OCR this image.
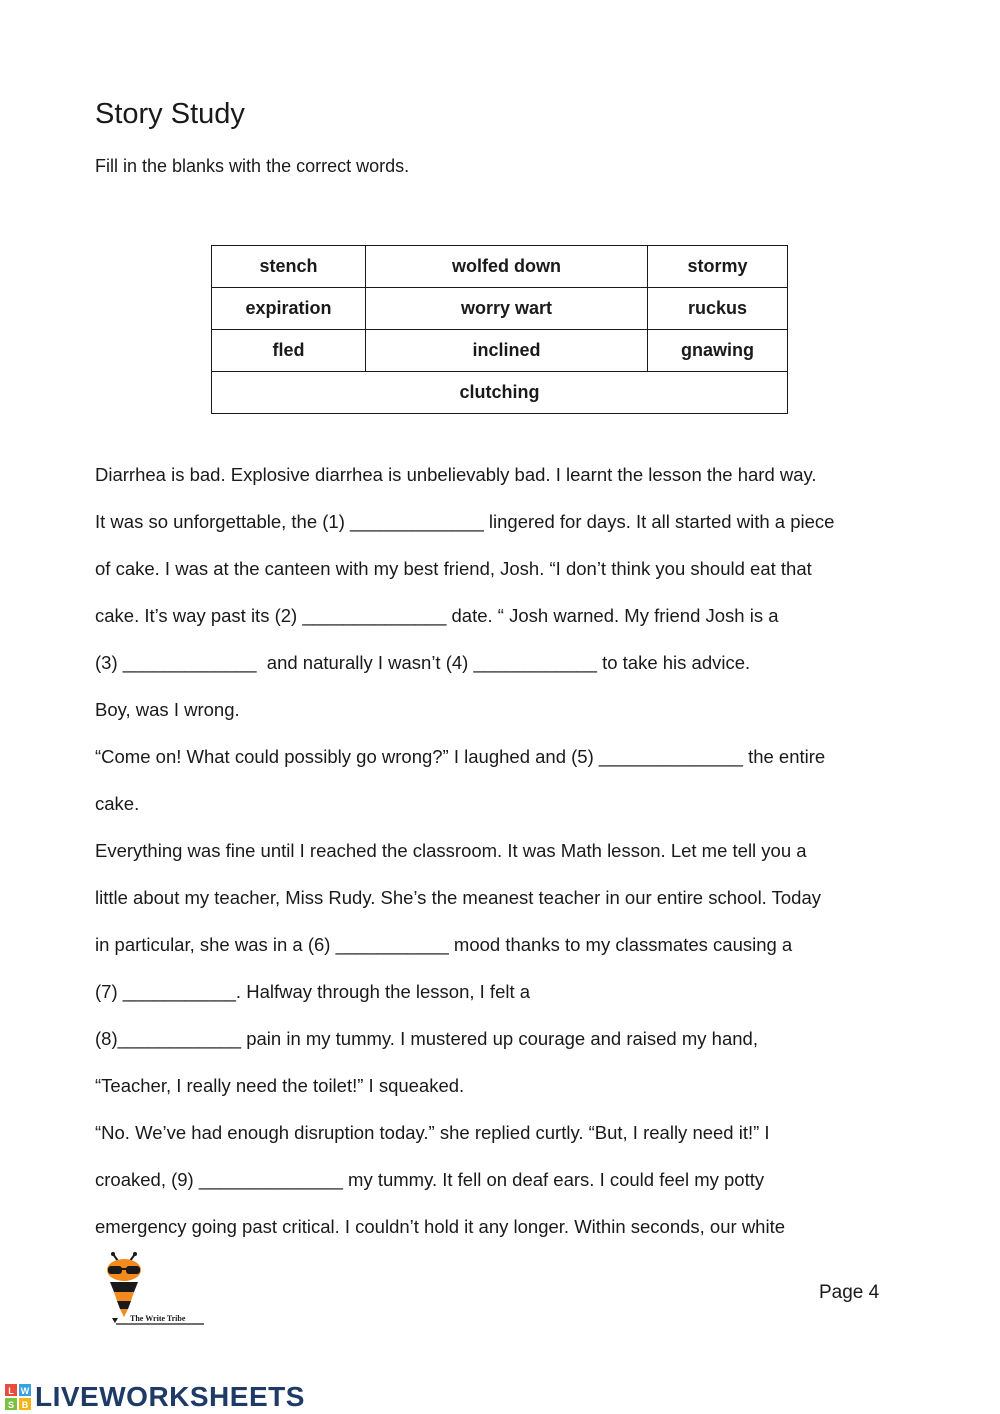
Story Study

Fill in the blanks with the correct words.

stench	wolfed down	stormy
expiration	worry wart	ruckus
fled	inclined	gnawing
clutching		
Diarrhea is bad. Explosive diarrhea is unbelievably bad. I learnt the lesson the hard way.
It was so unforgettable, the (1) _____________ lingered for days. It all started with a piece
of cake. I was at the canteen with my best friend, Josh. “I don’t think you should eat that
cake. It’s way past its (2) ______________ date. “ Josh warned. My friend Josh is a
(3) _____________  and naturally I wasn’t (4) ____________ to take his advice.
Boy, was I wrong.
“Come on! What could possibly go wrong?” I laughed and (5) ______________ the entire
cake.
Everything was fine until I reached the classroom. It was Math lesson. Let me tell you a
little about my teacher, Miss Rudy. She’s the meanest teacher in our entire school. Today
in particular, she was in a (6) ___________ mood thanks to my classmates causing a
(7) ___________. Halfway through the lesson, I felt a
(8)____________ pain in my tummy. I mustered up courage and raised my hand,
“Teacher, I really need the toilet!” I squeaked.
“No. We’ve had enough disruption today.” she replied curtly. “But, I really need it!” I
croaked, (9) ______________ my tummy. It fell on deaf ears. I could feel my potty
emergency going past critical. I couldn’t hold it any longer. Within seconds, our white
The Write Tribe
Page 4
L W
S B LIVEWORKSHEETS
